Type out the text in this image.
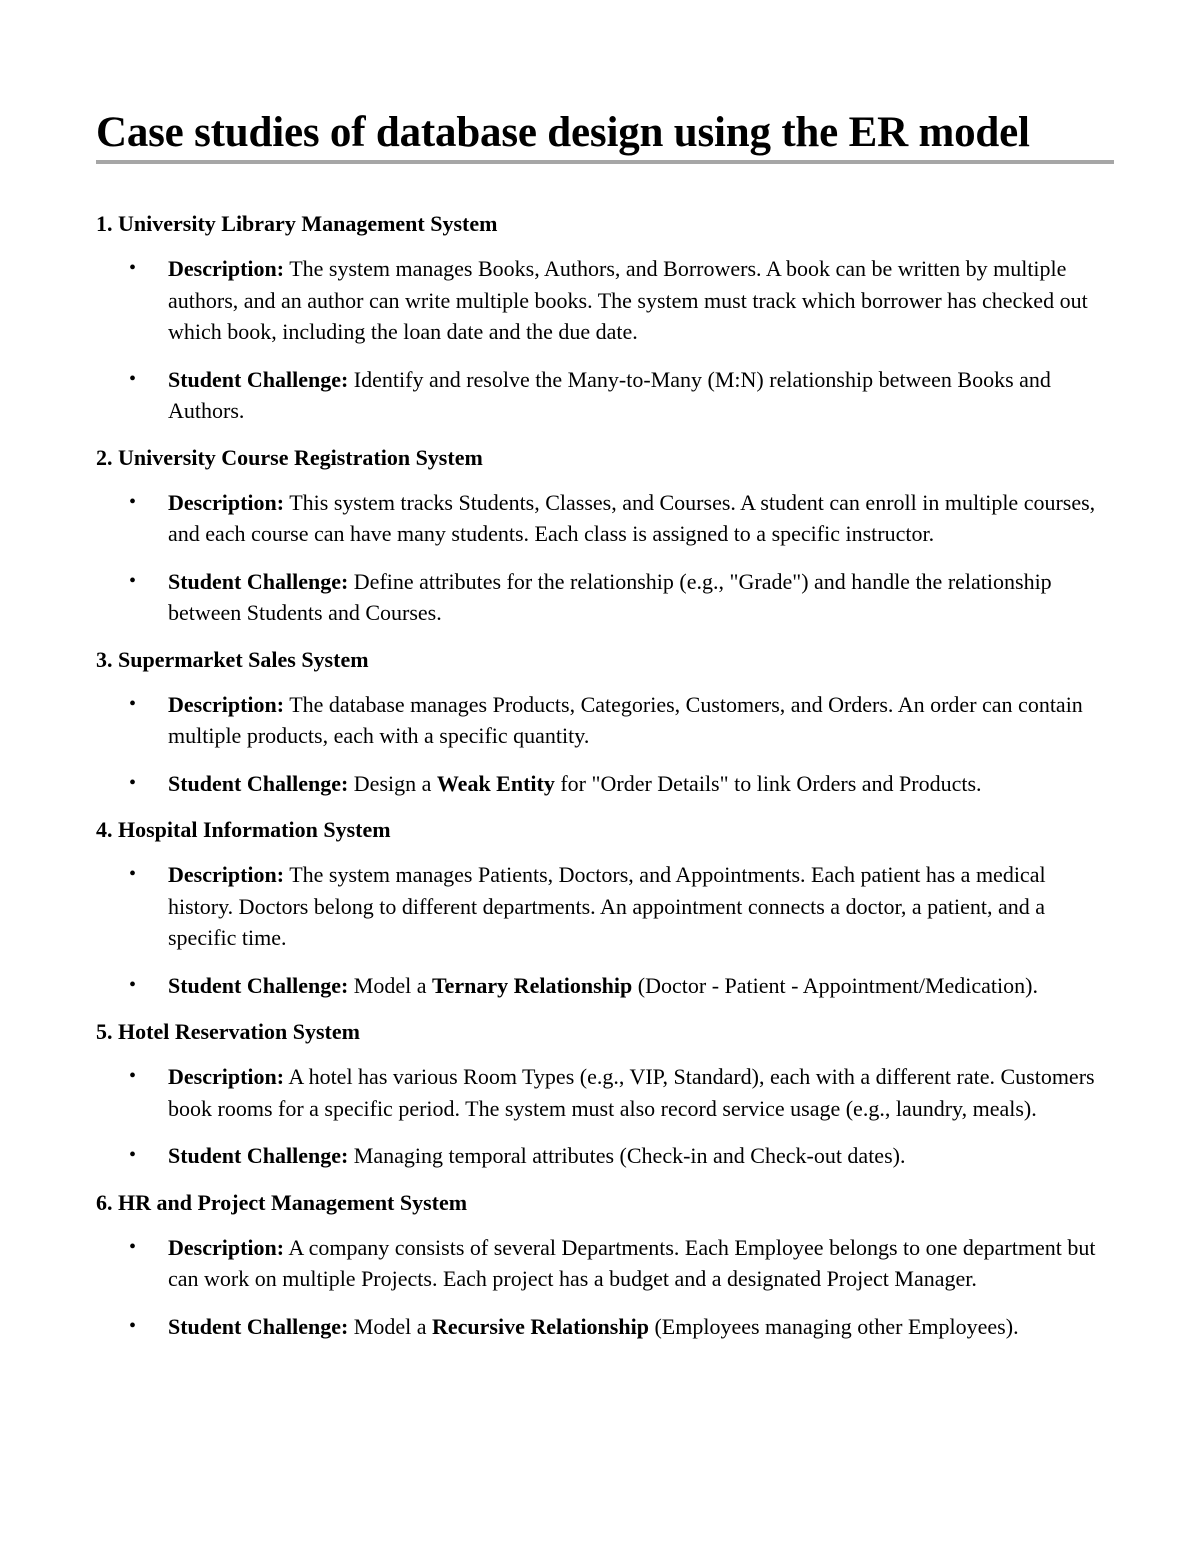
Case studies of database design using the ER model

1. University Library Management System

• Description: The system manages Books, Authors, and Borrowers. A book can be written by multiple authors, and an author can write multiple books. The system must track which borrower has checked out which book, including the loan date and the due date.
• Student Challenge: Identify and resolve the Many-to-Many (M:N) relationship between Books and Authors.

2. University Course Registration System

• Description: This system tracks Students, Classes, and Courses. A student can enroll in multiple courses, and each course can have many students. Each class is assigned to a specific instructor.
• Student Challenge: Define attributes for the relationship (e.g., "Grade") and handle the relationship between Students and Courses.

3. Supermarket Sales System

• Description: The database manages Products, Categories, Customers, and Orders. An order can contain multiple products, each with a specific quantity.
• Student Challenge: Design a Weak Entity for "Order Details" to link Orders and Products.

4. Hospital Information System

• Description: The system manages Patients, Doctors, and Appointments. Each patient has a medical history. Doctors belong to different departments. An appointment connects a doctor, a patient, and a specific time.
• Student Challenge: Model a Ternary Relationship (Doctor - Patient - Appointment/Medication).

5. Hotel Reservation System

• Description: A hotel has various Room Types (e.g., VIP, Standard), each with a different rate. Customers book rooms for a specific period. The system must also record service usage (e.g., laundry, meals).
• Student Challenge: Managing temporal attributes (Check-in and Check-out dates).

6. HR and Project Management System

• Description: A company consists of several Departments. Each Employee belongs to one department but can work on multiple Projects. Each project has a budget and a designated Project Manager.
• Student Challenge: Model a Recursive Relationship (Employees managing other Employees).
